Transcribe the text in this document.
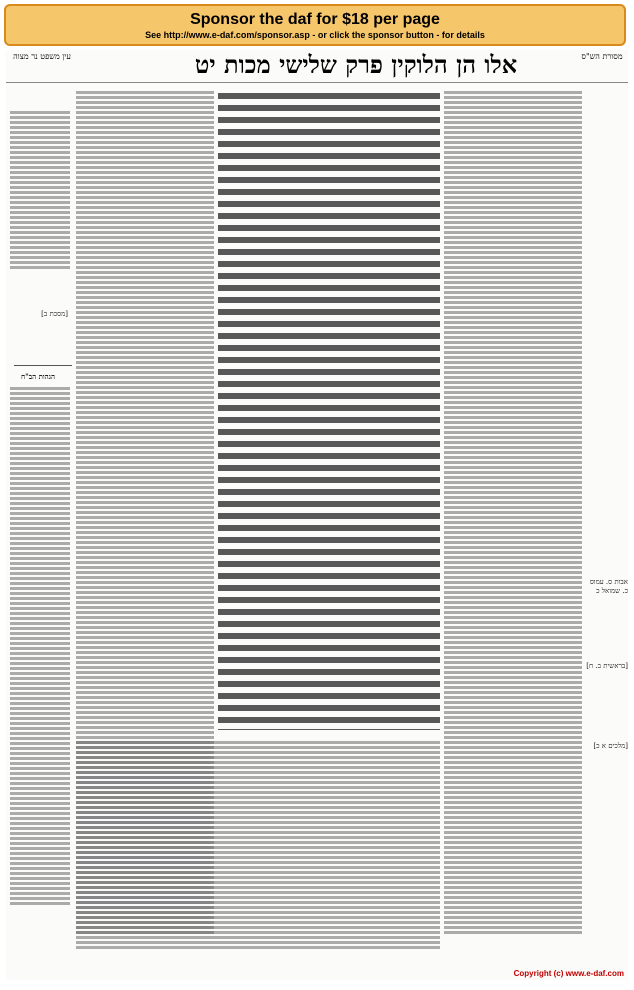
Sponsor the daf for $18 per page
See http://www.e-daf.com/sponsor.asp - or click the sponsor button - for details
אלו הן הלוקין פרק שלישי מכות יט	מסורת הש"ס
עין משפט נר מצוה
אבות ס. עמוס כ. שמואל כ
[בראשית ב. ח]
[מלכים א כ]
[מסכת ב]
הגהות הב"ח
Copyright (c) www.e-daf.com
